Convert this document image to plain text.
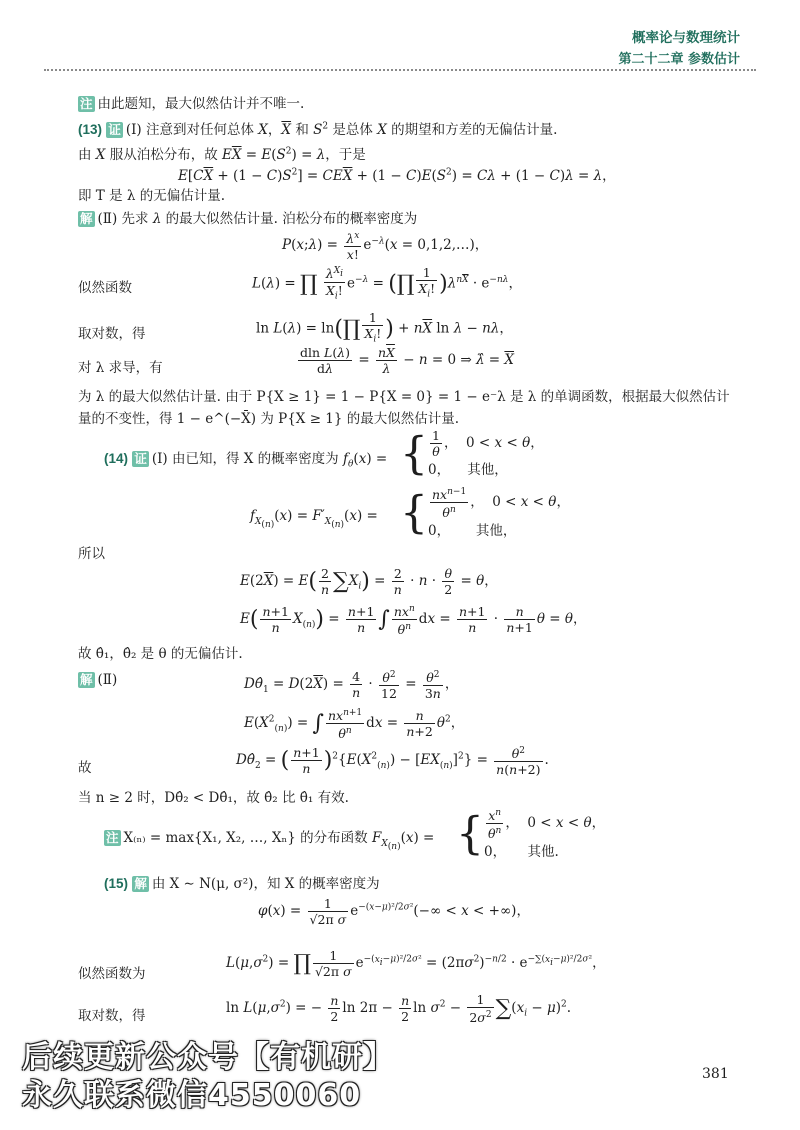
概率论与数理统计
第二十二章 参数估计
注 由此题知，最大似然估计并不唯一.
(13) 证 (Ⅰ) 注意到对任何总体 X，$\overline{X}$ 和 $S^2$ 是总体 X 的期望和方差的无偏估计量.
由 X 服从泊松分布，故 $E\overline{X} = E(S^2) = \lambda$，于是
$E[C\overline{X} + (1 - C)S^2] = CE\overline{X} + (1 - C)E(S^2) = C\lambda + (1 - C)\lambda = \lambda$，
即 T 是 λ 的无偏估计量.
解 (Ⅱ) 先求 λ 的最大似然估计量. 泊松分布的概率密度为
P(x;λ) = $\frac{\lambda^x}{x!} e^{-\lambda}(x$ = 0,1,2,…)，
似然函数	L(λ) = ∏ $\frac{\lambda^{X_i}}{X_i!} e^{-\lambda}$ = (∏ $\frac{1}{X_i!} )\lambda^{n\overline{X}} \cdot e^{-n\lambda}$，
取对数，得	ln L(λ) = ln(∏ $\frac{1}{X_i!}$ ) + $n\overline{X}$ ln λ − nλ，
对 λ 求导，有	$\frac{\text{dln L(λ)}}{d\lambda} = \frac{n\overline{X}}{\lambda} - n = 0$ ⇒ λ̂ = $\overline{X}$
为 λ 的最大似然估计量. 由于 P{X ≥ 1} = 1 − P{X = 0} = 1 − e⁻λ 是 λ 的单调函数，根据最大似然估计
量的不变性，得 1 − e^(−X̄) 为 P{X ≥ 1} 的最大似然估计量.
(14) 证 (Ⅰ) 由已知，得 X 的概率密度为 $f_\theta(x)$ = { $\frac{1}{\theta}$ ，  0 < x < θ，
0，    其他，
$f_{X_{(n)}}(x) = F'_{X_{(n)}}(x)$ = { $\frac{nx^{n-1}}{\theta^n}$ ，  0 < x < θ，
0，      其他，
所以
$E(2\overline{X}) = E( \frac{2}{n} \sum X_i) = \frac{2}{n} \cdot n \cdot \frac{\theta}{2} = \theta$，
$E( \frac{n+1}{n} X_{(n)}) = \frac{n+1}{n}$ ∫ $\frac{nx^n}{\theta^n}$ dx = $\frac{n+1}{n} \cdot \frac{n}{n+1}$ θ = θ，
故 θ̂₁，θ̂₂ 是 θ 的无偏估计.
解 (Ⅱ)	$D\thetâ_1 = D(2\overline{X}) = \frac{4}{n} \cdot \frac{\theta^2}{12} = \frac{\theta^2}{3n}$ ，
$E(X^2_{(n)})$ = ∫ $\frac{nx^{n+1}}{\theta^n}$ dx = $\frac{n}{n+2} \theta^2$，
故	$D\thetâ_2$ = ( $\frac{n+1}{n} )^2\{E(X^2_{(n)}) - [EX_{(n)}]^2\} = \frac{\theta^2}{n(n+2)}$ .
当 n ≥ 2 时，Dθ̂₂ < Dθ̂₁，故 θ̂₂ 比 θ̂₁ 有效.
注 X₍ₙ₎ = max{X₁, X₂, …, Xₙ} 的分布函数 $F_{X_{(n)}}(x)$ = { $\frac{x^n}{\theta^n}$ ，  0 < x < θ，
0，     其他.
(15) 解 由 X ∼ N(μ, σ²)，知 X 的概率密度为
$\varphi(x) = \frac{1}{\text{√2π σ}} e^{-(x-\mu)^2/2\sigma^2}(-\infty < x$ < +∞)，
似然函数为
$L(\mu,\sigma^2)$ = ∏ $\frac{1}{\text{√2π σ}} e^{-(x_i-\mu)^2/2\sigma^2} = (2\pi\sigma^2)^{-n/2} \cdot e^{-\sum(x_i-\mu)^2/2\sigma^2}$，
取对数，得	$\ln L(\mu,\sigma^2)$ = − $\frac{n}{2}$ $\ln 2\pi - \frac{n}{2}$ $\ln \sigma^2 - \frac{1}{2\sigma^2} \sum(x_i - \mu)^2$.
381
后续更新公众号【有机研】
永久联系微信4550060
